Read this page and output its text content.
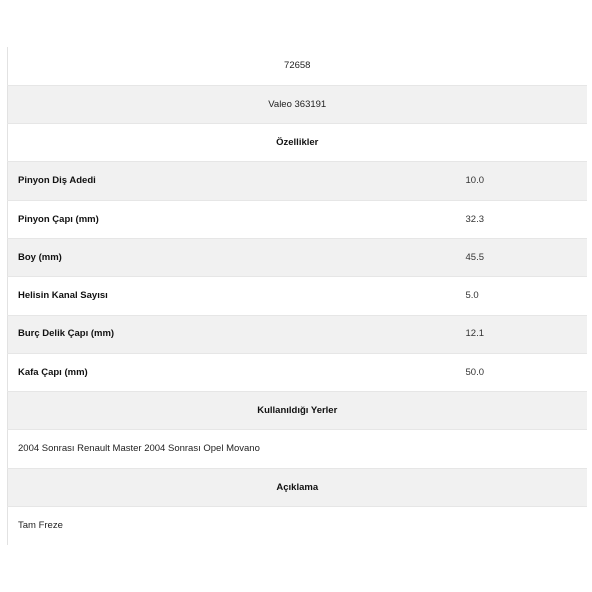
72658	
Valeo 363191	
Özellikler	
Pinyon Diş Adedi	10.0
Pinyon Çapı (mm)	32.3
Boy (mm)	45.5
Helisin Kanal Sayısı	5.0
Burç Delik Çapı (mm)	12.1
Kafa Çapı (mm)	50.0
Kullanıldığı Yerler	
2004 Sonrası Renault Master 2004 Sonrası Opel Movano	
Açıklama	
Tam Freze	
